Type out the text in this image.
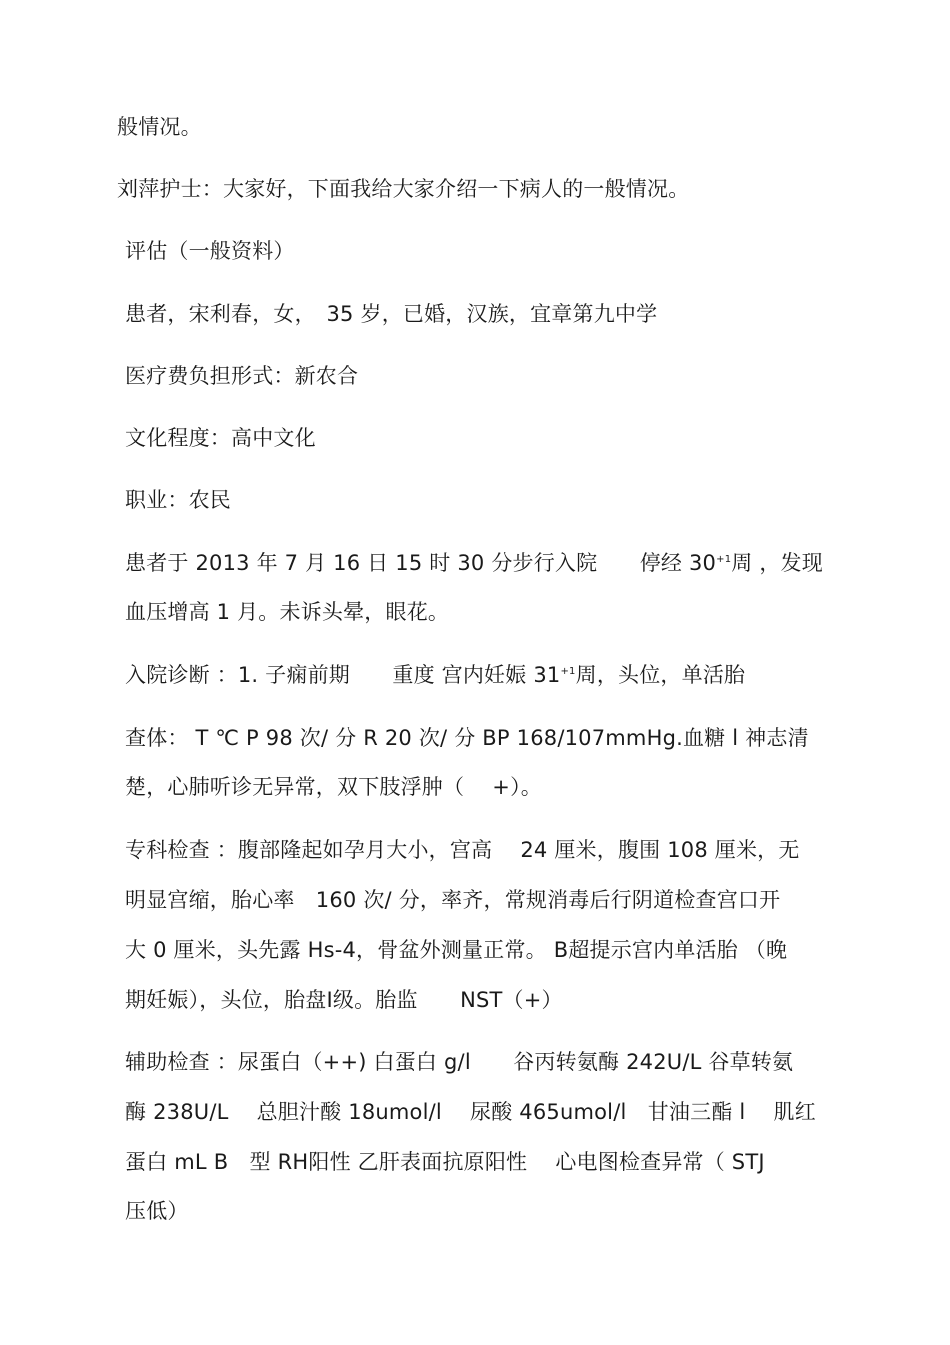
般情况。
刘萍护士：大家好，下面我给大家介绍一下病人的一般情况。
评估（一般资料）
患者，宋利春，女，　35 岁，已婚，汉族，宜章第九中学
医疗费负担形式：新农合
文化程度：高中文化
职业：农民
患者于 2013 年 7 月 16 日 15 时 30 分步行入院　　停经 $30^{+1}$周 ，发现
血压增高 1 月。未诉头晕，眼花。
入院诊断 ：1. 子痫前期　　重度 宫内妊娠 $31^{+1}$周，头位，单活胎
查体： T ℃ P 98 次/ 分 R 20 次/ 分 BP 168/107mmHg.血糖 l 神志清
楚，心肺听诊无异常，双下肢浮肿（　 +）。
专科检查 ：腹部隆起如孕月大小，宫高　 24 厘米，腹围 108 厘米，无
明显宫缩，胎心率　160 次/ 分，率齐，常规消毒后行阴道检查宫口开
大 0 厘米，头先露 Hs-4，骨盆外测量正常。 B超提示宫内单活胎 （晚
期妊娠），头位，胎盘Ⅰ级。胎监　　NST（+）
辅助检查 ：尿蛋白（++) 白蛋白 g/l　　谷丙转氨酶 242U/L 谷草转氨
酶 238U/L　 总胆汁酸 18umol/l　 尿酸 465umol/l　甘油三酯 l　 肌红
蛋白 mL B　型 RH阳性 乙肝表面抗原阳性　 心电图检查异常（ STJ
压低）
